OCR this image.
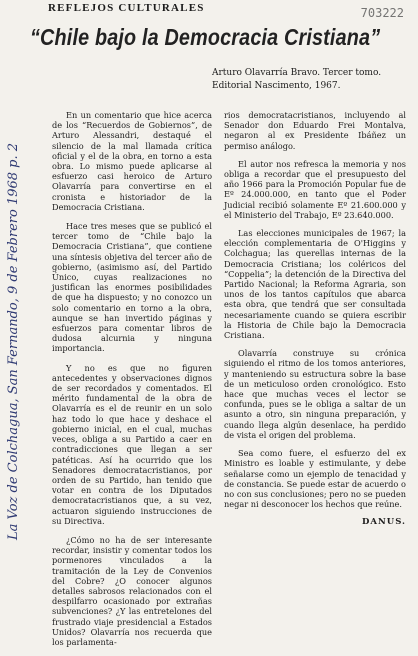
REFLEJOS CULTURALES	703222
“Chile bajo la Democracia Cristiana”
Arturo Olavarría Bravo. Tercer tomo. Editorial Nascimento, 1967.
La Voz de Colchagua, San Fernando, 9 de Febrero 1968 p. 2

En un comentario que hice acerca de los “Recuerdos de Gobiernos”, de Arturo Alessandri, destaqué el silencio de la mal llamada crítica oficial y el de la obra, en torno a esta obra. Lo mismo puede aplicarse al esfuerzo casi heroico de Arturo Olavarría para convertirse en el cronista e historiador de la Democracia Cristiana.

Hace tres meses que se publicó el tercer tomo de “Chile bajo la Democracia Cristiana”, que contiene una síntesis objetiva del tercer año de gobierno, (asimismo así, del Partido Único, cuyas realizaciones no justifican las enormes posibilidades de que ha dispuesto; y no conozco un solo comentario en torno a la obra, aunque se han invertido páginas y esfuerzos para comentar libros de dudosa alcurnia y ninguna importancia.

Y no es que no figuren antecedentes y observaciones dignos de ser recordados y comentados. El mérito fundamental de la obra de Olavarría es el de reunir en un solo haz todo lo que hace y deshace el gobierno inicial, en el cual, muchas veces, obliga a su Partido a caer en contradicciones que llegan a ser patéticas. Así ha ocurrido que los Senadores democratacristianos, por orden de su Partido, han tenido que votar en contra de los Diputados democratacristianos que, a su vez, actuaron siguiendo instrucciones de su Directiva.

¿Cómo no ha de ser interesante recordar, insistir y comentar todos los pormenores vinculados a la tramitación de la Ley de Convenios del Cobre? ¿O conocer algunos detalles sabrosos relacionados con el despilfarro ocasionado por extrañas subvenciones? ¿Y las entretelones del frustrado viaje presidencial a Estados Unidos? Olavarría nos recuerda que los parlamenta-

rios democratacristianos, incluyendo al Senador don Eduardo Frei Montalva, negaron al ex Presidente Ibáñez un permiso análogo.

El autor nos refresca la memoria y nos obliga a recordar que el presupuesto del año 1966 para la Promoción Popular fue de Eº 24.000.000, en tanto que el Poder Judicial recibió solamente Eº 21.600.000 y el Ministerio del Trabajo, Eº 23.640.000.

Las elecciones municipales de 1967; la elección complementaria de O'Higgins y Colchagua; las querellas internas de la Democracia Cristiana; los coléricos del “Coppelia”; la detención de la Directiva del Partido Nacional; la Reforma Agraria, son unos de los tantos capítulos que abarca esta obra, que tendrá que ser consultada necesariamente cuando se quiera escribir la Historia de Chile bajo la Democracia Cristiana.

Olavarría construye su crónica siguiendo el ritmo de los tomos anteriores, y manteniendo su estructura sobre la base de un meticuloso orden cronológico. Esto hace que muchas veces el lector se confunda, pues se le obliga a saltar de un asunto a otro, sin ninguna preparación, y cuando llega algún desenlace, ha perdido de vista el origen del problema.

Sea como fuere, el esfuerzo del ex Ministro es loable y estimulante, y debe señalarse como un ejemplo de tenacidad y de constancia. Se puede estar de acuerdo o no con sus conclusiones; pero no se pueden negar ni desconocer los hechos que reúne.

DANUS.
